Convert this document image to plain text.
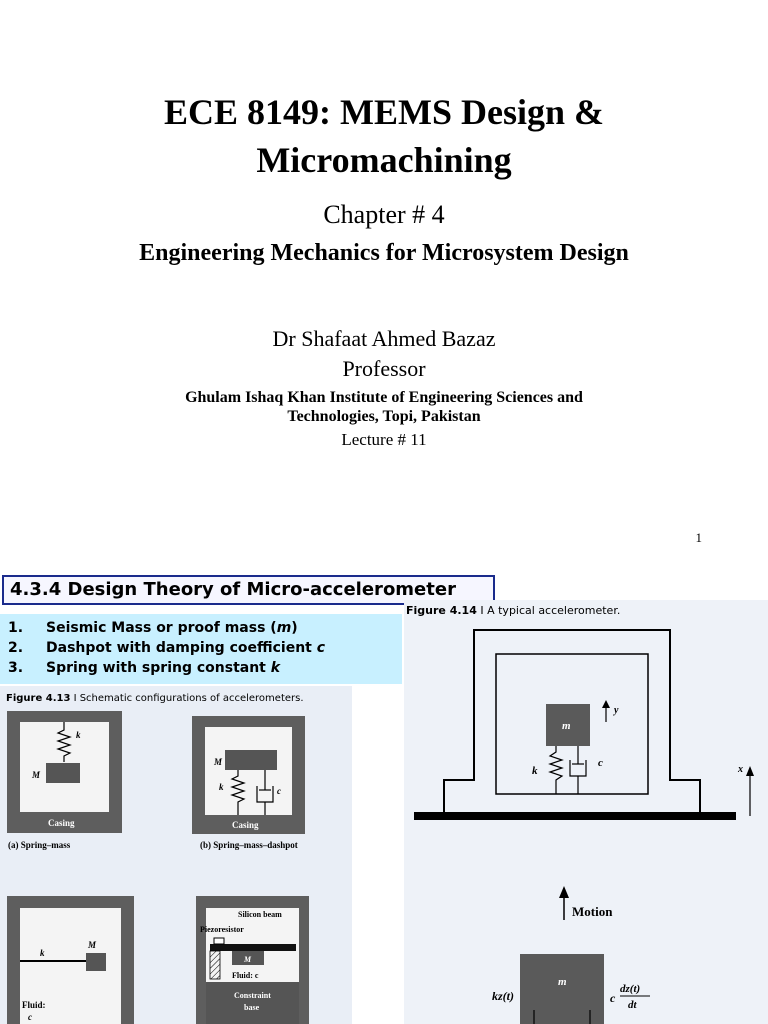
ECE 8149: MEMS Design &
Micromachining
Chapter # 4
Engineering Mechanics for Microsystem Design
Dr Shafaat Ahmed Bazaz
Professor
Ghulam Ishaq Khan Institute of Engineering Sciences and
Technologies, Topi, Pakistan
Lecture # 11
1
4.3.4 Design Theory of Micro-accelerometer
1. Seismic Mass or proof mass (m)
2. Dashpot with damping coefficient c
3. Spring with spring constant k
Figure 4.13 I Schematic configurations of accelerometers.
k
M
Casing
(a) Spring–mass
M
k	c
Casing
(b) Spring–mass–dashpot
k
M
Fluid:
c
Silicon beam
Piezoresistor
M
Fluid: c
Constraint
base
Figure 4.14 I A typical accelerometer.
m
k
c
y
x
Motion
m
kz(t)	c
dz(t)
dt
